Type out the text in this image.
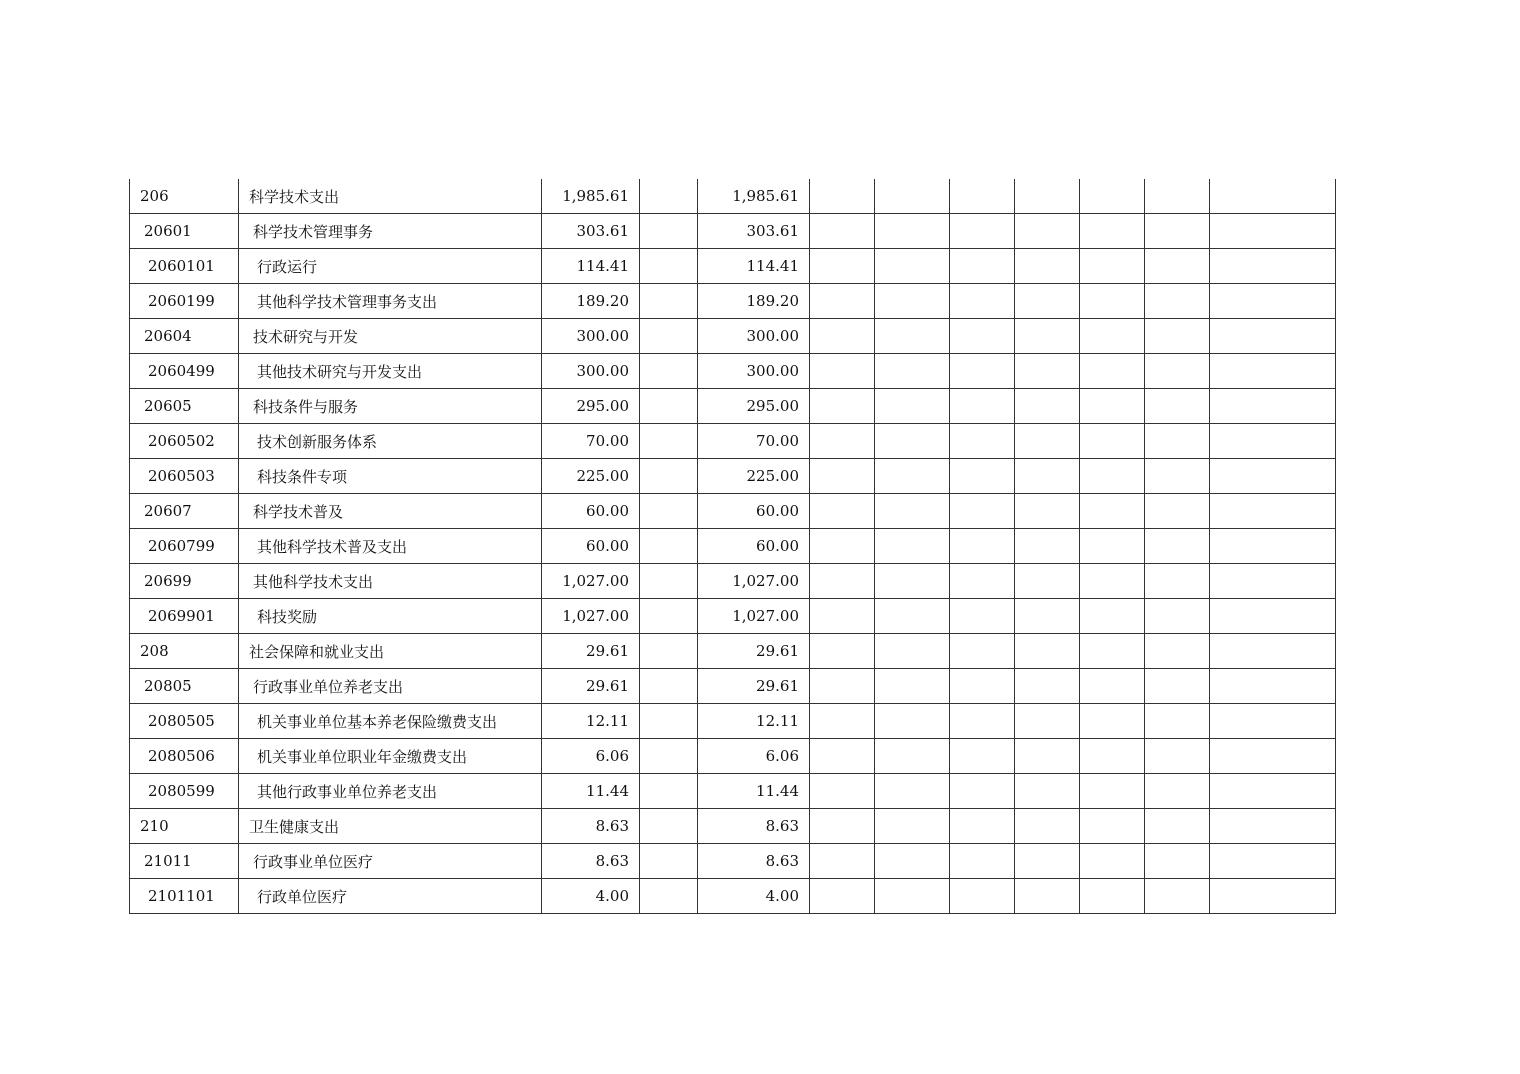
206	科学技术支出	1,985.61		1,985.61							
20601	科学技术管理事务	303.61		303.61							
2060101	行政运行	114.41		114.41							
2060199	其他科学技术管理事务支出	189.20		189.20							
20604	技术研究与开发	300.00		300.00							
2060499	其他技术研究与开发支出	300.00		300.00							
20605	科技条件与服务	295.00		295.00							
2060502	技术创新服务体系	70.00		70.00							
2060503	科技条件专项	225.00		225.00							
20607	科学技术普及	60.00		60.00							
2060799	其他科学技术普及支出	60.00		60.00							
20699	其他科学技术支出	1,027.00		1,027.00							
2069901	科技奖励	1,027.00		1,027.00							
208	社会保障和就业支出	29.61		29.61							
20805	行政事业单位养老支出	29.61		29.61							
2080505	机关事业单位基本养老保险缴费支出	12.11		12.11							
2080506	机关事业单位职业年金缴费支出	6.06		6.06							
2080599	其他行政事业单位养老支出	11.44		11.44							
210	卫生健康支出	8.63		8.63							
21011	行政事业单位医疗	8.63		8.63							
2101101	行政单位医疗	4.00		4.00							
